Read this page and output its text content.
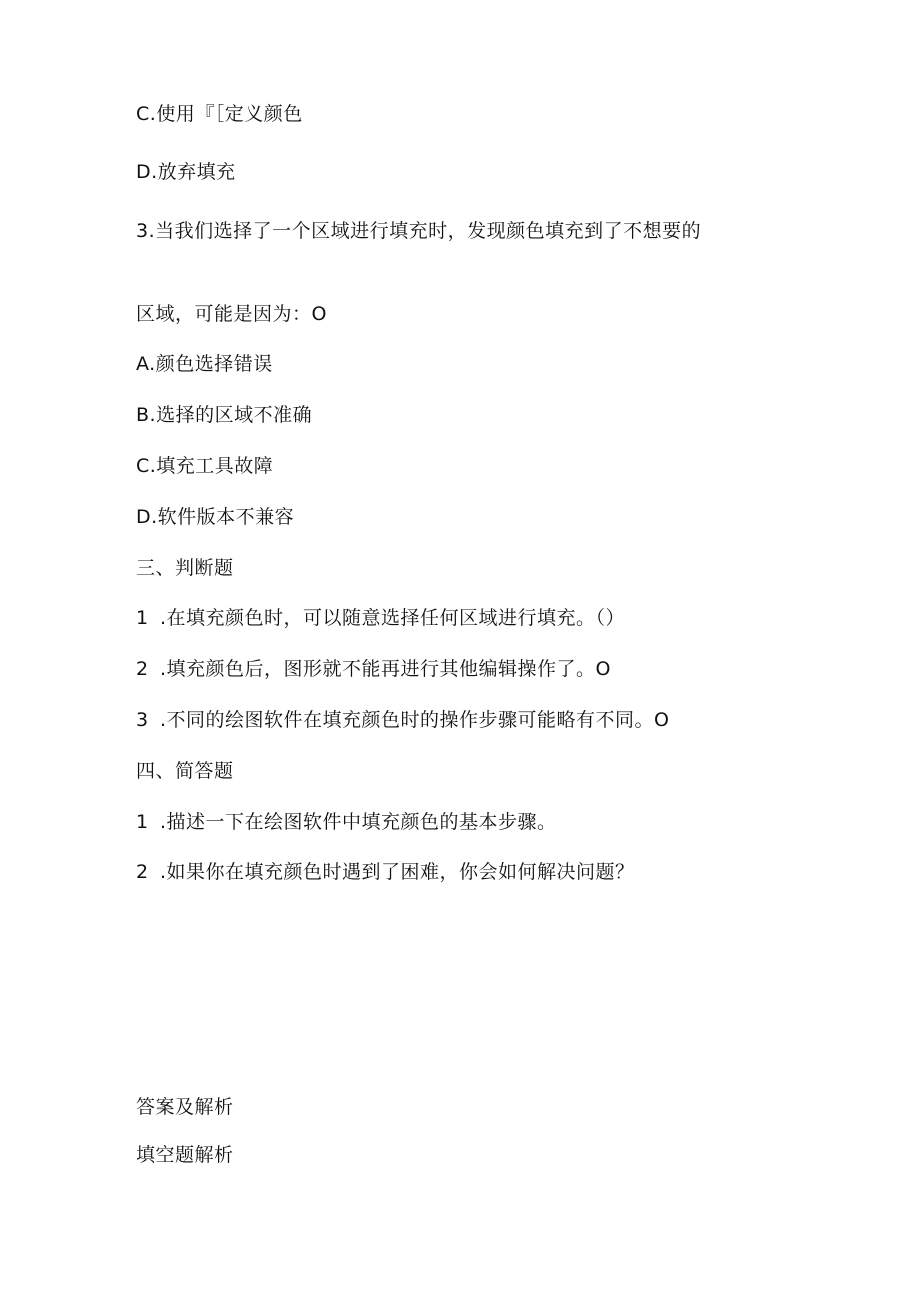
C.使用『［定义颜色
D.放弃填充
3.当我们选择了一个区域进行填充时，发现颜色填充到了不想要的
区域，可能是因为：O
A.颜色选择错误
B.选择的区域不准确
C.填充工具故障
D.软件版本不兼容
三、判断题
1 .在填充颜色时，可以随意选择任何区域进行填充。（）
2 .填充颜色后，图形就不能再进行其他编辑操作了。O
3 .不同的绘图软件在填充颜色时的操作步骤可能略有不同。O
四、简答题
1 .描述一下在绘图软件中填充颜色的基本步骤。
2 .如果你在填充颜色时遇到了困难，你会如何解决问题？
答案及解析
填空题解析
